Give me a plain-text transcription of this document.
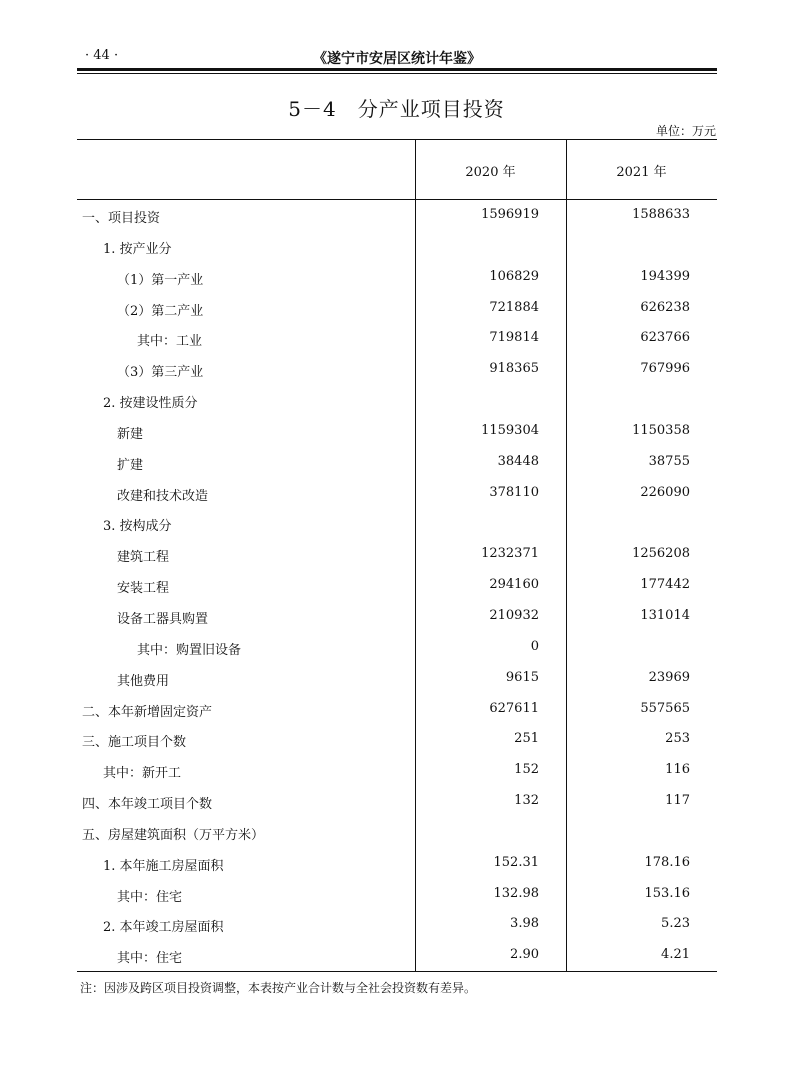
· 44 ·	《遂宁市安居区统计年鉴》
5－4　分产业项目投资
单位：万元
2020 年	2021 年
一、项目投资	1596919	1588633
1. 按产业分
（1）第一产业	106829	194399
（2）第二产业	721884	626238
其中：工业	719814	623766
（3）第三产业	918365	767996
2. 按建设性质分
新建	1159304	1150358
扩建	38448	38755
改建和技术改造	378110	226090
3. 按构成分
建筑工程	1232371	1256208
安装工程	294160	177442
设备工器具购置	210932	131014
其中：购置旧设备	0
其他费用	9615	23969
二、本年新增固定资产	627611	557565
三、施工项目个数	251	253
其中：新开工	152	116
四、本年竣工项目个数	132	117
五、房屋建筑面积（万平方米）
1. 本年施工房屋面积	152.31	178.16
其中：住宅	132.98	153.16
2. 本年竣工房屋面积	3.98	5.23
其中：住宅	2.90	4.21
注：因涉及跨区项目投资调整，本表按产业合计数与全社会投资数有差异。
